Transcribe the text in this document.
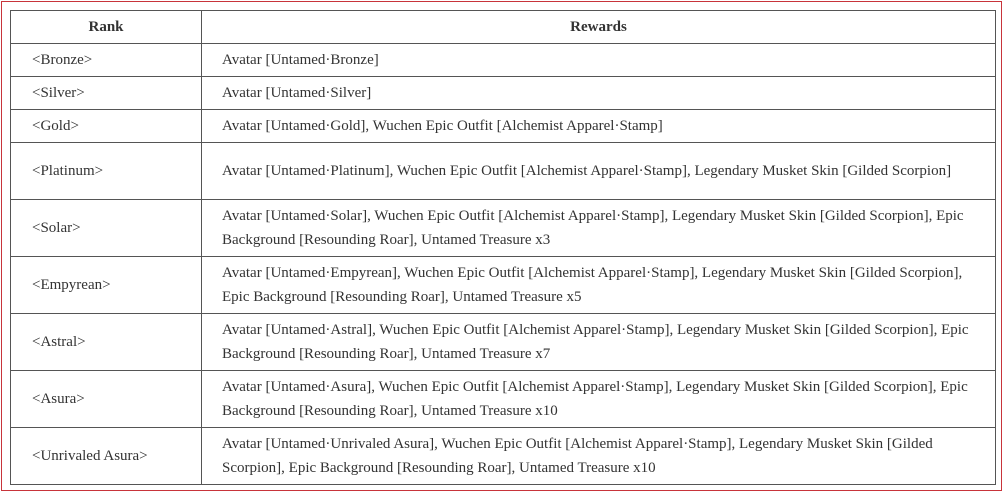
Rank	Rewards
<Bronze>	Avatar [Untamed·Bronze]
<Silver>	Avatar [Untamed·Silver]
<Gold>	Avatar [Untamed·Gold], Wuchen Epic Outfit [Alchemist Apparel·Stamp]
<Platinum>	Avatar [Untamed·Platinum], Wuchen Epic Outfit [Alchemist Apparel·Stamp], Legendary Musket Skin [Gilded Scorpion]
<Solar>	Avatar [Untamed·Solar], Wuchen Epic Outfit [Alchemist Apparel·Stamp], Legendary Musket Skin [Gilded Scorpion], Epic Background [Resounding Roar], Untamed Treasure x3
<Empyrean>	Avatar [Untamed·Empyrean], Wuchen Epic Outfit [Alchemist Apparel·Stamp], Legendary Musket Skin [Gilded Scorpion], Epic Background [Resounding Roar], Untamed Treasure x5
<Astral>	Avatar [Untamed·Astral], Wuchen Epic Outfit [Alchemist Apparel·Stamp], Legendary Musket Skin [Gilded Scorpion], Epic Background [Resounding Roar], Untamed Treasure x7
<Asura>	Avatar [Untamed·Asura], Wuchen Epic Outfit [Alchemist Apparel·Stamp], Legendary Musket Skin [Gilded Scorpion], Epic Background [Resounding Roar], Untamed Treasure x10
<Unrivaled Asura>	Avatar [Untamed·Unrivaled Asura], Wuchen Epic Outfit [Alchemist Apparel·Stamp], Legendary Musket Skin [Gilded Scorpion], Epic Background [Resounding Roar], Untamed Treasure x10
